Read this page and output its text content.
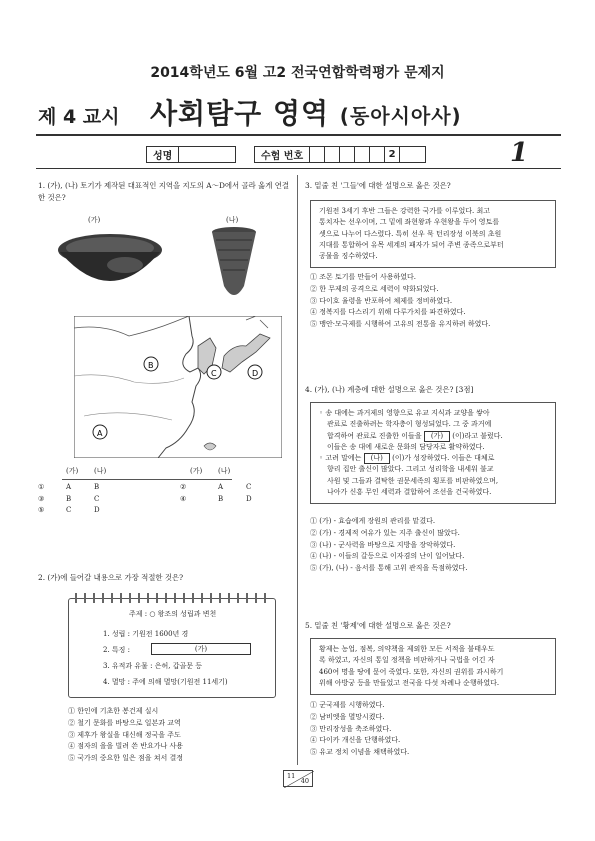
2014학년도 6월 고2 전국연합학력평가 문제지
제 4 교시 사회탐구 영역 (동아시아사)
성명	수험 번호	2	1
1. (가), (나) 토기가 제작된 대표적인 지역을 지도의 A～D에서 골라 옳게 연결한 것은?
(가)	(나)
B
C	D
A
(가)	(나)	(가)	(나)
①	A	B	②	A	C
③	B	C	④	B	D
⑤	C	D
2. (가)에 들어갈 내용으로 가장 적절한 것은?
주제 : ○ 왕조의 성립과 변천
1. 성립 : 기원전 1600년 경
2. 특징 :	(가)
3. 유적과 유물 : 은허, 갑골문 등
4. 멸망 : 주에 의해 멸망(기원전 11세기)
① 한인에 기초한 봉건제 실시
② 철기 문화를 바탕으로 일본과 교역
③ 제후가 왕실을 대신해 정국을 주도
④ 점자의 을을 빌려 쓴 반요가나 사용
⑤ 국가의 중요한 일은 점을 쳐서 결정
3. 밑줄 친 '그들'에 대한 설명으로 옳은 것은?
기원전 3세기 후반 그들은 강력한 국가를 이루었다. 최고
통치자는 선우이며, 그 밑에 좌현왕과 우현왕을 두어 영토를
셋으로 나누어 다스렸다. 특히 선우 묵 턴리장성 이북의 초원
지대를 통합하여 유목 세계의 패자가 되어 주변 종족으로부터
공물을 징수하였다.
① 조몬 토기를 만들어 사용하였다.
② 한 무제의 공격으로 세력이 약화되었다.
③ 다이호 율령을 반포하여 체제를 정비하였다.
④ 정복지를 다스리기 위해 다루가치를 파견하였다.
⑤ 맹안·모극제를 시행하여 고유의 전통을 유지하려 하였다.
4. (가), (나) 계층에 대한 설명으로 옳은 것은? [3점]
◦ 송 대에는 과거제의 영향으로 유교 지식과 교양을 쌓아
관료로 진출하려는 학자층이 형성되었다. 그 중 과거에
합격하여 관료로 진출한 이들을 (가) (이)라고 불렀다.
이들은 송 대에 새로운 문화의 담당자로 활약하였다.
◦ 고려 말에는 (나) (이)가 성장하였다. 이들은 대체로
향리 집안 출신이 많았다. 그리고 성리학을 내세워 불교
사원 및 그들과 결탁한 권문세족의 횡포를 비판하였으며,
나아가 신흥 무인 세력과 결합하여 조선을 건국하였다.
① (가) - 효습에게 장원의 관리를 맡겼다.
② (가) - 경제적 여유가 있는 지주 출신이 많았다.
③ (나) - 군사력을 바탕으로 지방을 장악하였다.
④ (나) - 이들의 갈등으로 이자겸의 난이 일어났다.
⑤ (가), (나) - 음서를 통해 고위 관직을 독점하였다.
5. 밑줄 친 '황제'에 대한 설명으로 옳은 것은?
황제는 농업, 점복, 의약책을 제외한 모든 서적을 불태우도
록 하였고, 자신의 통일 정책을 비판하거나 국법을 어긴 자
460여 명을 땅에 묻어 죽였다. 또한, 자신의 권위를 과시하기
위해 아방궁 등을 만들었고 전국을 다섯 차례나 순행하였다.
① 군국제를 시행하였다.
② 남비엣을 멸망시켰다.
③ 만리장성을 축조하였다.
④ 다이카 개신을 단행하였다.
⑤ 유교 정치 이념을 채택하였다.
11
40
